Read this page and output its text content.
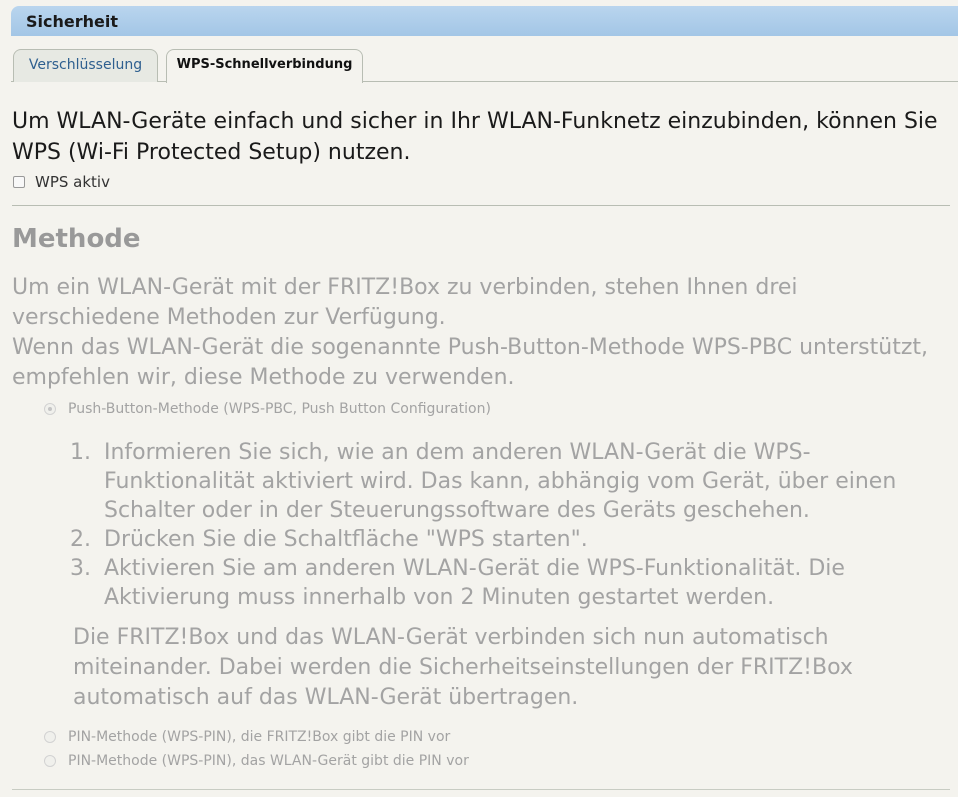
Sicherheit
Verschlüsselung	WPS-Schnellverbindung
Um WLAN-Geräte einfach und sicher in Ihr WLAN-Funknetz einzubinden, können Sie WPS (Wi-Fi Protected Setup) nutzen.
WPS aktiv
Methode
Um ein WLAN-Gerät mit der FRITZ!Box zu verbinden, stehen Ihnen drei verschiedene Methoden zur Verfügung.
Wenn das WLAN-Gerät die sogenannte Push-Button-Methode WPS-PBC unterstützt, empfehlen wir, diese Methode zu verwenden.
Push-Button-Methode (WPS-PBC, Push Button Configuration)
1. Informieren Sie sich, wie an dem anderen WLAN-Gerät die WPS-Funktionalität aktiviert wird. Das kann, abhängig vom Gerät, über einen Schalter oder in der Steuerungssoftware des Geräts geschehen.
2. Drücken Sie die Schaltfläche "WPS starten".
3. Aktivieren Sie am anderen WLAN-Gerät die WPS-Funktionalität. Die Aktivierung muss innerhalb von 2 Minuten gestartet werden.
Die FRITZ!Box und das WLAN-Gerät verbinden sich nun automatisch miteinander. Dabei werden die Sicherheitseinstellungen der FRITZ!Box automatisch auf das WLAN-Gerät übertragen.
PIN-Methode (WPS-PIN), die FRITZ!Box gibt die PIN vor
PIN-Methode (WPS-PIN), das WLAN-Gerät gibt die PIN vor
